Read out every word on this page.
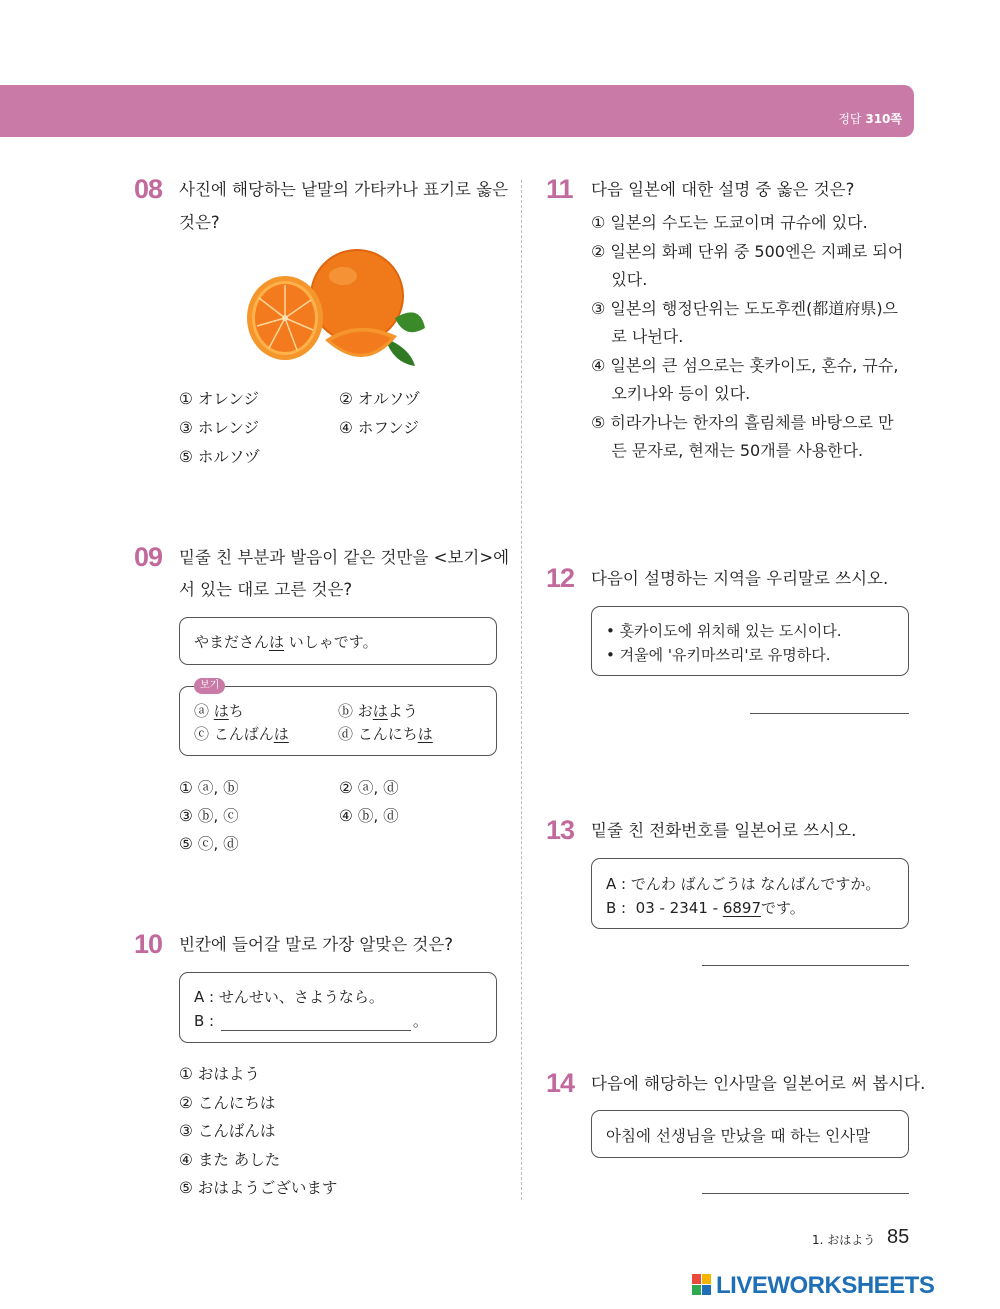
정답 310쪽
08 사진에 해당하는 낱말의 가타카나 표기로 옳은
것은?
① オレンジ	② オルソヅ
③ ホレンジ	④ ホフンジ
⑤ ホルソヅ
09 밑줄 친 부분과 발음이 같은 것만을 <보기>에
서 있는 대로 고른 것은?
やまださんは いしゃです。
보기
ⓐ はち	ⓑ おはよう
ⓒ こんばんは	ⓓ こんにちは
① ⓐ, ⓑ	② ⓐ, ⓓ
③ ⓑ, ⓒ	④ ⓑ, ⓓ
⑤ ⓒ, ⓓ
10 빈칸에 들어갈 말로 가장 알맞은 것은?
A : せんせい、さようなら。
B :	。
① おはよう
② こんにちは
③ こんばんは
④ また あした
⑤ おはようございます
11 다음 일본에 대한 설명 중 옳은 것은?
① 일본의 수도는 도쿄이며 규슈에 있다.
② 일본의 화폐 단위 중 500엔은 지폐로 되어
있다.
③ 일본의 행정단위는 도도후켄(都道府県)으
로 나뉜다.
④ 일본의 큰 섬으로는 홋카이도, 혼슈, 규슈,
오키나와 등이 있다.
⑤ 히라가나는 한자의 흘림체를 바탕으로 만
든 문자로, 현재는 50개를 사용한다.
12 다음이 설명하는 지역을 우리말로 쓰시오.
• 홋카이도에 위치해 있는 도시이다.
• 겨울에 '유키마쓰리'로 유명하다.
13 밑줄 친 전화번호를 일본어로 쓰시오.
A : でんわ ばんごうは なんばんですか。
B :  03 - 2341 - 6897です。
14 다음에 해당하는 인사말을 일본어로 써 봅시다.
아침에 선생님을 만났을 때 하는 인사말
1. おはよう 85
LIVEWORKSHEETS
